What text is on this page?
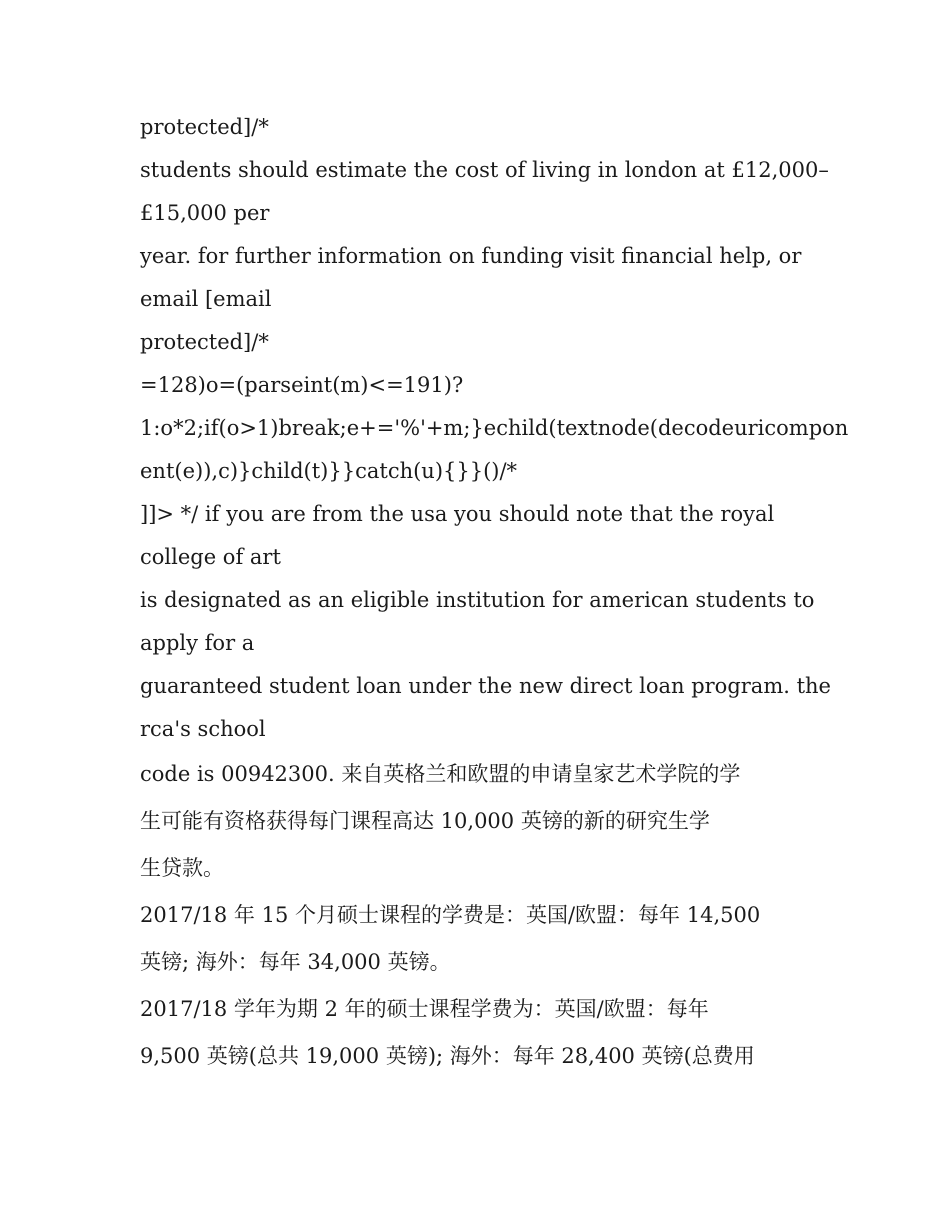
protected]/*
students should estimate the cost of living in london at £12,000–
£15,000 per
year. for further information on funding visit financial help, or
email [email
protected]/*
=128)o=(parseint(m)<=191)?
1:o*2;if(o>1)break;e+='%'+m;}echild(textnode(decodeuricompon
ent(e)),c)}child(t)}}catch(u){}}()/*
]]> */ if you are from the usa you should note that the royal
college of art
is designated as an eligible institution for american students to
apply for a
guaranteed student loan under the new direct loan program. the
rca's school
code is 00942300. 来自英格兰和欧盟的申请皇家艺术学院的学
生可能有资格获得每门课程高达 10,000 英镑的新的研究生学
生贷款。
2017/18 年 15 个月硕士课程的学费是：英国/欧盟：每年 14,500
英镑; 海外：每年 34,000 英镑。
2017/18 学年为期 2 年的硕士课程学费为：英国/欧盟：每年
9,500 英镑(总共 19,000 英镑); 海外：每年 28,400 英镑(总费用
